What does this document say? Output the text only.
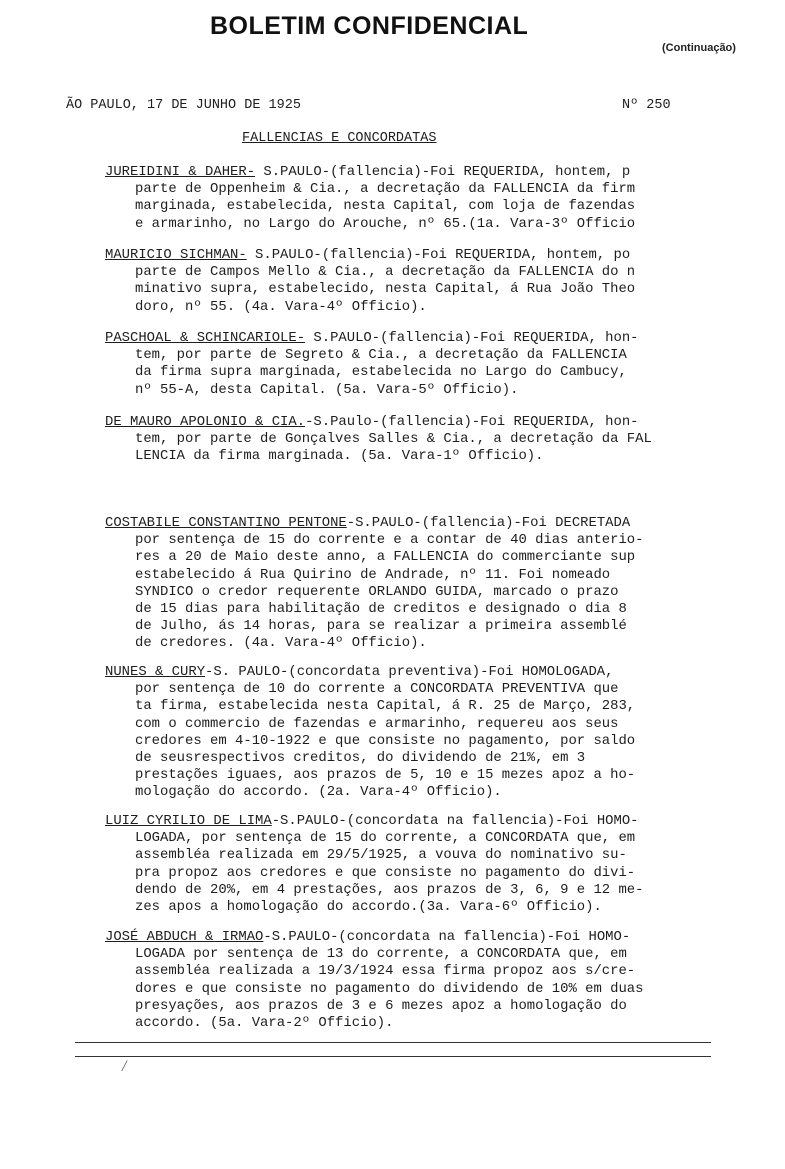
BOLETIM CONFIDENCIAL
(Continuação)
ÃO PAULO, 17 DE JUNHO DE 1925	Nº 250
FALLENCIAS E CONCORDATAS
JUREIDINI & DAHER- S.PAULO-(fallencia)-Foi REQUERIDA, hontem, p
parte de Oppenheim & Cia., a decretação da FALLENCIA da firm
marginada, estabelecida, nesta Capital, com loja de fazendas
e armarinho, no Largo do Arouche, nº 65.(1a. Vara-3º Officio
MAURICIO SICHMAN- S.PAULO-(fallencia)-Foi REQUERIDA, hontem, po
parte de Campos Mello & Cia., a decretação da FALLENCIA do n
minativo supra, estabelecido, nesta Capital, á Rua João Theo
doro, nº 55. (4a. Vara-4º Officio).
PASCHOAL & SCHINCARIOLE- S.PAULO-(fallencia)-Foi REQUERIDA, hon-
tem, por parte de Segreto & Cia., a decretação da FALLENCIA
da firma supra marginada, estabelecida no Largo do Cambucy,
nº 55-A, desta Capital. (5a. Vara-5º Officio).
DE MAURO APOLONIO & CIA.-S.Paulo-(fallencia)-Foi REQUERIDA, hon-
tem, por parte de Gonçalves Salles & Cia., a decretação da FAL
LENCIA da firma marginada. (5a. Vara-1º Officio).
COSTABILE CONSTANTINO PENTONE-S.PAULO-(fallencia)-Foi DECRETADA
por sentença de 15 do corrente e a contar de 40 dias anterio-
res a 20 de Maio deste anno, a FALLENCIA do commerciante sup
estabelecido á Rua Quirino de Andrade, nº 11. Foi nomeado
SYNDICO o credor requerente ORLANDO GUIDA, marcado o prazo
de 15 dias para habilitação de creditos e designado o dia 8
de Julho, ás 14 horas, para se realizar a primeira assemblé
de credores. (4a. Vara-4º Officio).
NUNES & CURY-S. PAULO-(concordata preventiva)-Foi HOMOLOGADA,
por sentença de 10 do corrente a CONCORDATA PREVENTIVA que
ta firma, estabelecida nesta Capital, á R. 25 de Março, 283,
com o commercio de fazendas e armarinho, requereu aos seus
credores em 4-10-1922 e que consiste no pagamento, por saldo
de seusrespectivos creditos, do dividendo de 21%, em 3
prestações iguaes, aos prazos de 5, 10 e 15 mezes apoz a ho-
mologação do accordo. (2a. Vara-4º Officio).
LUIZ CYRILIO DE LIMA-S.PAULO-(concordata na fallencia)-Foi HOMO-
LOGADA, por sentença de 15 do corrente, a CONCORDATA que, em
assembléa realizada em 29/5/1925, a vouva do nominativo su-
pra propoz aos credores e que consiste no pagamento do divi-
dendo de 20%, em 4 prestações, aos prazos de 3, 6, 9 e 12 me-
zes apos a homologação do accordo.(3a. Vara-6º Officio).
JOSÉ ABDUCH & IRMAO-S.PAULO-(concordata na fallencia)-Foi HOMO-
LOGADA por sentença de 13 do corrente, a CONCORDATA que, em
assembléa realizada a 19/3/1924 essa firma propoz aos s/cre-
dores e que consiste no pagamento do dividendo de 10% em duas
presyações, aos prazos de 3 e 6 mezes apoz a homologação do
accordo. (5a. Vara-2º Officio).
/
